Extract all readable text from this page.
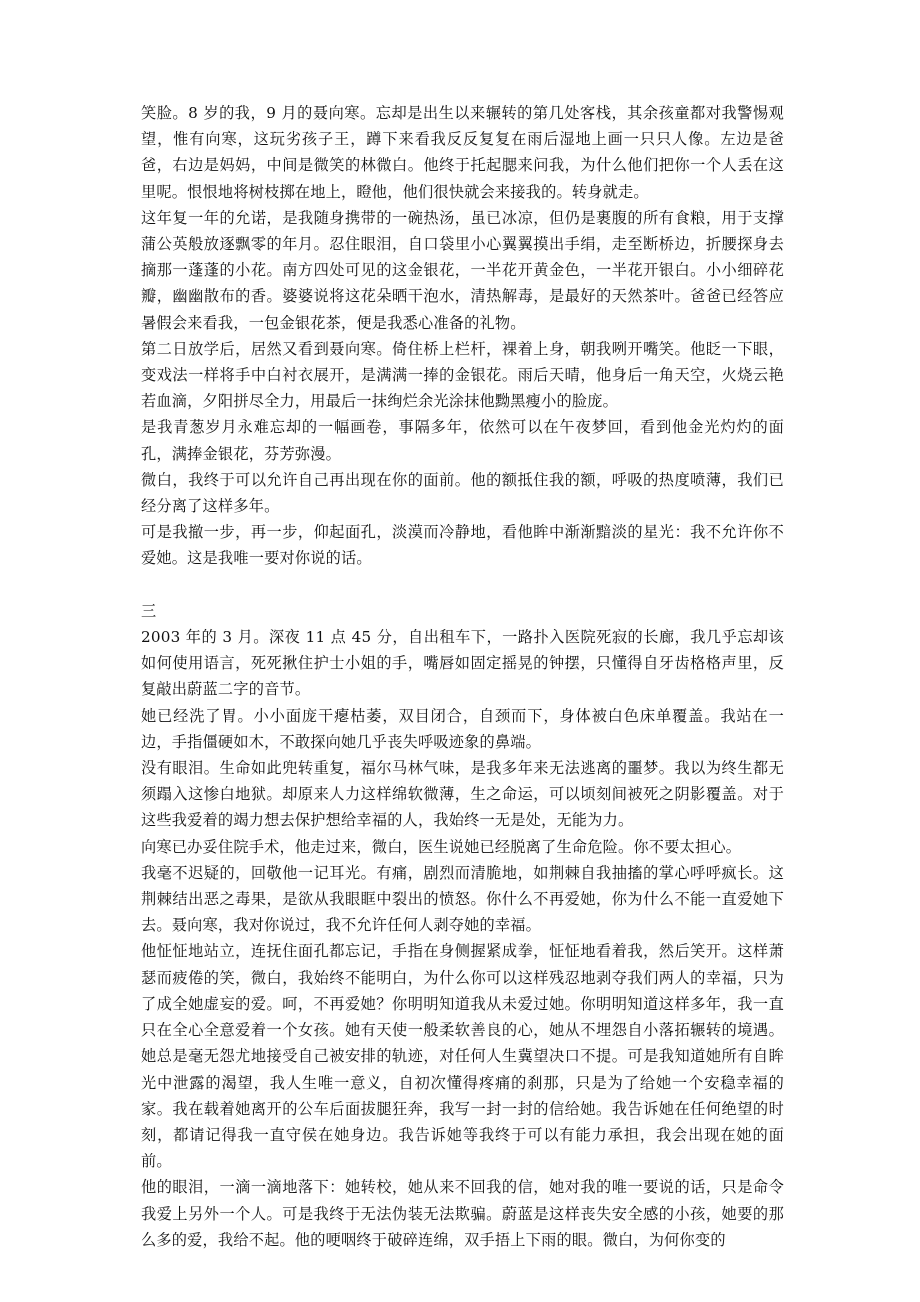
笑脸。8 岁的我，9 月的聂向寒。忘却是出生以来辗转的第几处客栈，其余孩童都对我警惕观望，惟有向寒，这玩劣孩子王，蹲下来看我反反复复在雨后湿地上画一只只人像。左边是爸爸，右边是妈妈，中间是微笑的林微白。他终于托起腮来问我，为什么他们把你一个人丢在这里呢。恨恨地将树枝掷在地上，瞪他，他们很快就会来接我的。转身就走。

这年复一年的允诺，是我随身携带的一碗热汤，虽已冰凉，但仍是裹腹的所有食粮，用于支撑蒲公英般放逐飘零的年月。忍住眼泪，自口袋里小心翼翼摸出手绢，走至断桥边，折腰探身去摘那一蓬蓬的小花。南方四处可见的这金银花，一半花开黄金色，一半花开银白。小小细碎花瓣，幽幽散布的香。婆婆说将这花朵晒干泡水，清热解毒，是最好的天然茶叶。爸爸已经答应暑假会来看我，一包金银花茶，便是我悉心准备的礼物。

第二日放学后，居然又看到聂向寒。倚住桥上栏杆，裸着上身，朝我咧开嘴笑。他眨一下眼，变戏法一样将手中白衬衣展开，是满满一捧的金银花。雨后天晴，他身后一角天空，火烧云艳若血滴，夕阳拼尽全力，用最后一抹绚烂余光涂抹他黝黑瘦小的脸庞。

是我青葱岁月永难忘却的一幅画卷，事隔多年，依然可以在午夜梦回，看到他金光灼灼的面孔，满捧金银花，芬芳弥漫。

微白，我终于可以允许自己再出现在你的面前。他的额抵住我的额，呼吸的热度喷薄，我们已经分离了这样多年。

可是我撤一步，再一步，仰起面孔，淡漠而冷静地，看他眸中渐渐黯淡的星光：我不允许你不爱她。这是我唯一要对你说的话。

三

2003 年的 3 月。深夜 11 点 45 分，自出租车下，一路扑入医院死寂的长廊，我几乎忘却该如何使用语言，死死揪住护士小姐的手，嘴唇如固定摇晃的钟摆，只懂得自牙齿格格声里，反复敲出蔚蓝二字的音节。

她已经洗了胃。小小面庞干瘪枯萎，双目闭合，自颈而下，身体被白色床单覆盖。我站在一边，手指僵硬如木，不敢探向她几乎丧失呼吸迹象的鼻端。

没有眼泪。生命如此兜转重复，福尔马林气味，是我多年来无法逃离的噩梦。我以为终生都无须蹋入这惨白地狱。却原来人力这样绵软微薄，生之命运，可以顷刻间被死之阴影覆盖。对于这些我爱着的竭力想去保护想给幸福的人，我始终一无是处，无能为力。

向寒已办妥住院手术，他走过来，微白，医生说她已经脱离了生命危险。你不要太担心。

我毫不迟疑的，回敬他一记耳光。有痛，剧烈而清脆地，如荆棘自我抽搐的掌心呼呼疯长。这荆棘结出恶之毒果，是欲从我眼眶中裂出的愤怒。你什么不再爱她，你为什么不能一直爱她下去。聂向寒，我对你说过，我不允许任何人剥夺她的幸福。

他怔怔地站立，连抚住面孔都忘记，手指在身侧握紧成拳，怔怔地看着我，然后笑开。这样萧瑟而疲倦的笑，微白，我始终不能明白，为什么你可以这样残忍地剥夺我们两人的幸福，只为了成全她虚妄的爱。呵，不再爱她？你明明知道我从未爱过她。你明明知道这样多年，我一直只在全心全意爱着一个女孩。她有天使一般柔软善良的心，她从不埋怨自小落拓辗转的境遇。她总是毫无怨尤地接受自己被安排的轨迹，对任何人生冀望决口不提。可是我知道她所有自眸光中泄露的渴望，我人生唯一意义，自初次懂得疼痛的刹那，只是为了给她一个安稳幸福的家。我在载着她离开的公车后面拔腿狂奔，我写一封一封的信给她。我告诉她在任何绝望的时刻，都请记得我一直守侯在她身边。我告诉她等我终于可以有能力承担，我会出现在她的面前。

他的眼泪，一滴一滴地落下：她转校，她从来不回我的信，她对我的唯一要说的话，只是命令我爱上另外一个人。可是我终于无法伪装无法欺骗。蔚蓝是这样丧失安全感的小孩，她要的那么多的爱，我给不起。他的哽咽终于破碎连绵，双手捂上下雨的眼。微白，为何你变的
